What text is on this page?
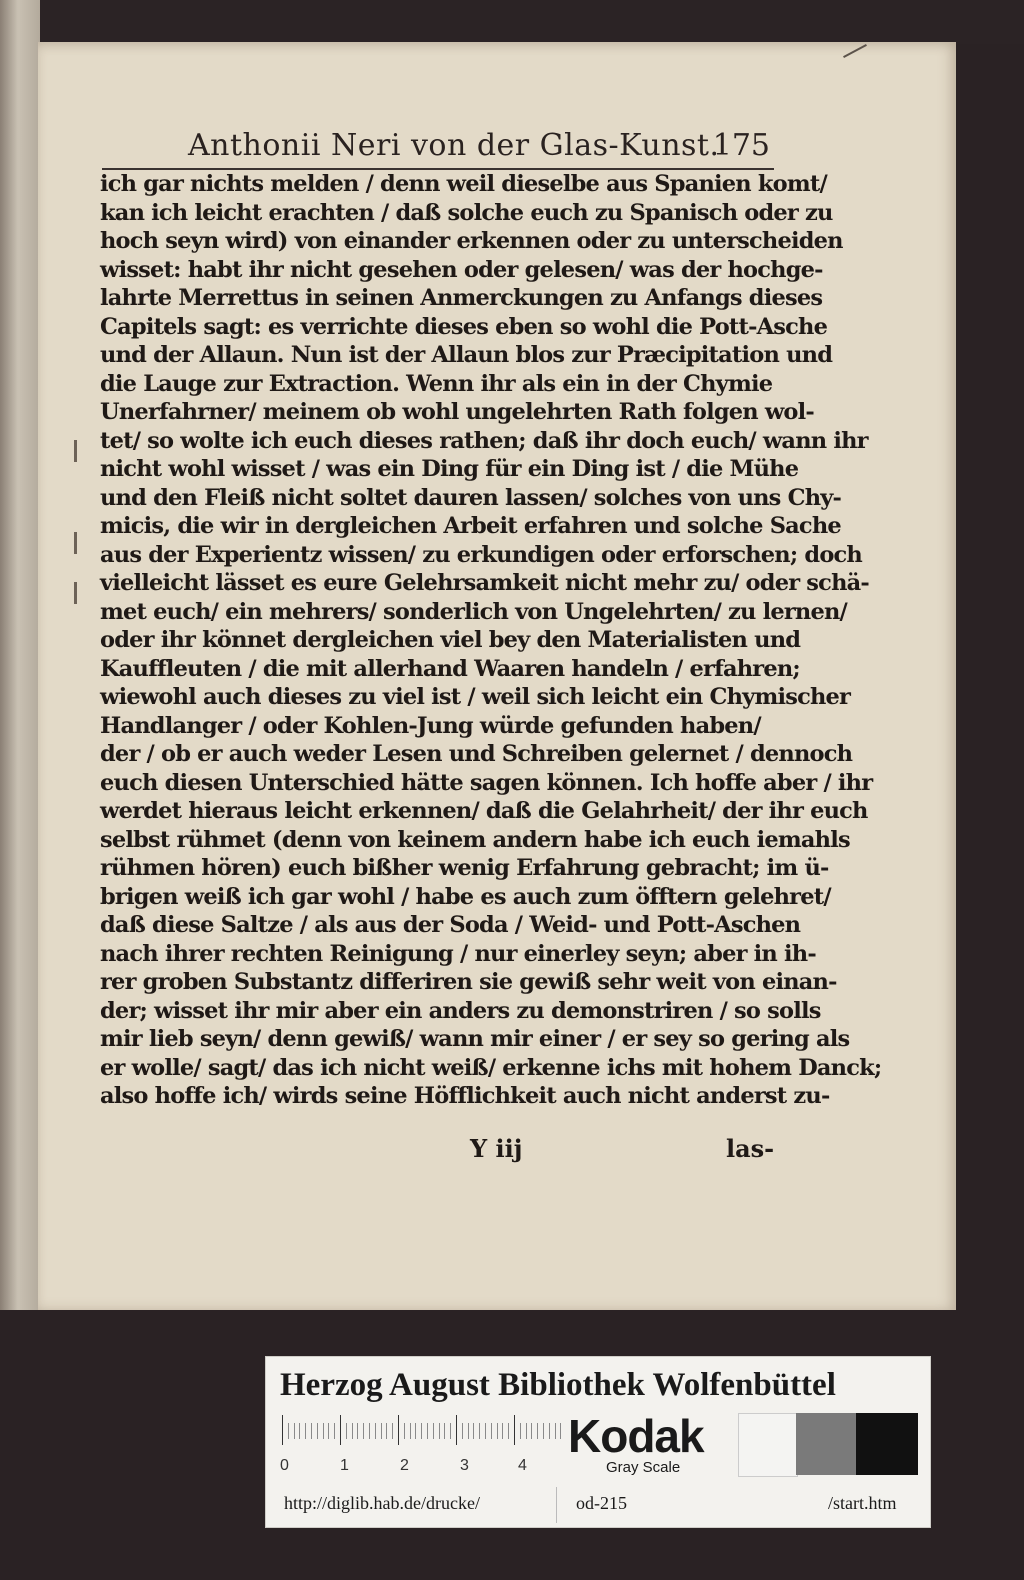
Anthonii Neri von der Glas-Kunst.
175
ich gar nichts melden / denn weil dieselbe aus Spanien komt/
kan ich leicht erachten / daß solche euch zu Spanisch oder zu
hoch seyn wird) von einander erkennen oder zu unterscheiden
wisset: habt ihr nicht gesehen oder gelesen/ was der hochge-
lahrte Merrettus in seinen Anmerckungen zu Anfangs dieses
Capitels sagt: es verrichte dieses eben so wohl die Pott-Asche
und der Allaun. Nun ist der Allaun blos zur Præcipitation und
die Lauge zur Extraction. Wenn ihr als ein in der Chymie
Unerfahrner/ meinem ob wohl ungelehrten Rath folgen wol-
tet/ so wolte ich euch dieses rathen; daß ihr doch euch/ wann ihr
nicht wohl wisset / was ein Ding für ein Ding ist / die Mühe
und den Fleiß nicht soltet dauren lassen/ solches von uns Chy-
micis, die wir in dergleichen Arbeit erfahren und solche Sache
aus der Experientz wissen/ zu erkundigen oder erforschen; doch
vielleicht lässet es eure Gelehrsamkeit nicht mehr zu/ oder schä-
met euch/ ein mehrers/ sonderlich von Ungelehrten/ zu lernen/
oder ihr könnet dergleichen viel bey den Materialisten und
Kauffleuten / die mit allerhand Waaren handeln / erfahren;
wiewohl auch dieses zu viel ist / weil sich leicht ein Chymischer
Handlanger / oder Kohlen-Jung würde gefunden haben/
der / ob er auch weder Lesen und Schreiben gelernet / dennoch
euch diesen Unterschied hätte sagen können. Ich hoffe aber / ihr
werdet hieraus leicht erkennen/ daß die Gelahrheit/ der ihr euch
selbst rühmet (denn von keinem andern habe ich euch iemahls
rühmen hören) euch bißher wenig Erfahrung gebracht; im ü-
brigen weiß ich gar wohl / habe es auch zum öfftern gelehret/
daß diese Saltze / als aus der Soda / Weid- und Pott-Aschen
nach ihrer rechten Reinigung / nur einerley seyn; aber in ih-
rer groben Substantz differiren sie gewiß sehr weit von einan-
der; wisset ihr mir aber ein anders zu demonstriren / so solls
mir lieb seyn/ denn gewiß/ wann mir einer / er sey so gering als
er wolle/ sagt/ das ich nicht weiß/ erkenne ichs mit hohem Danck;
also hoffe ich/ wirds seine Höfflichkeit auch nicht anderst zu-
Y iij	las-
Herzog August Bibliothek Wolfenbüttel
0	1	2	3	4
Kodak
Gray Scale
http://diglib.hab.de/drucke/	od-215	/start.htm
